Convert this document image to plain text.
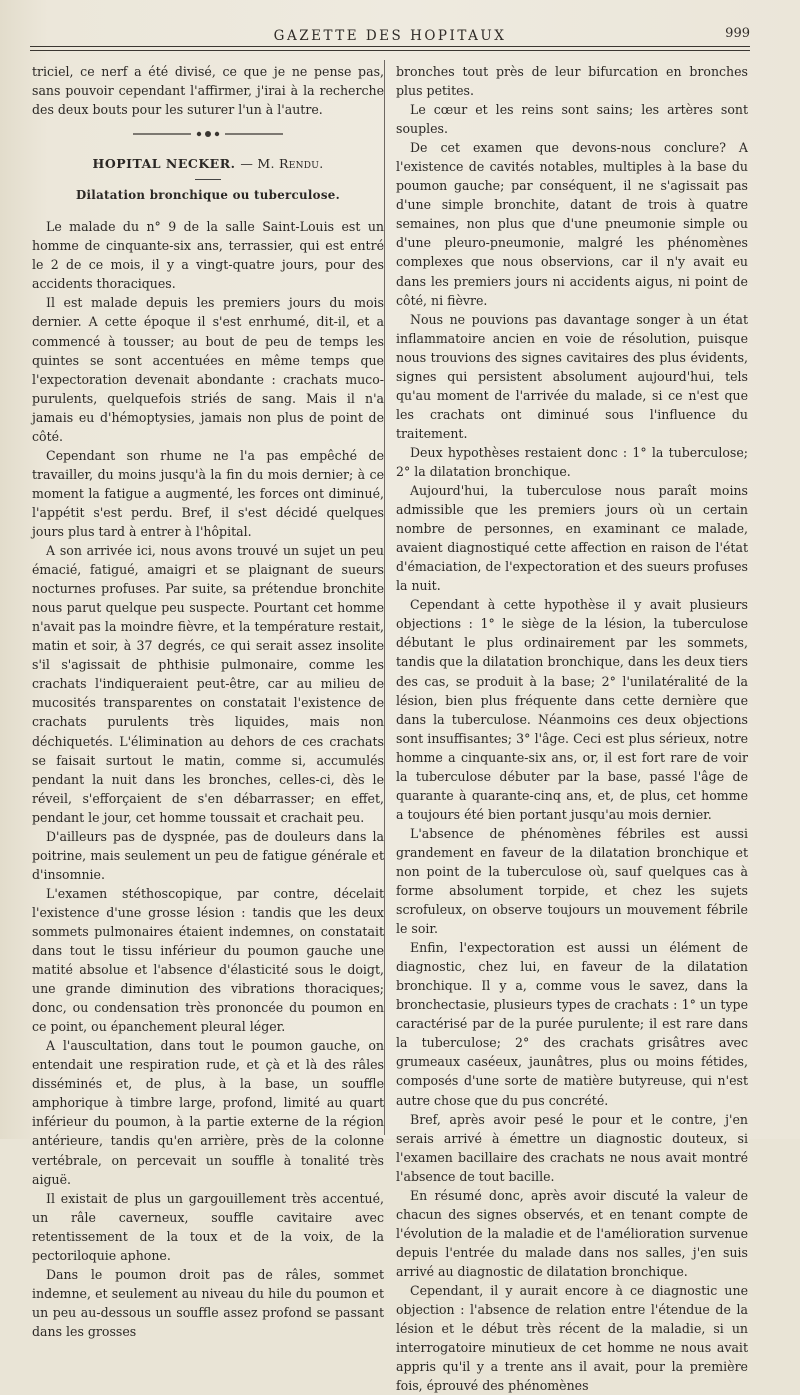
GAZETTE DES HOPITAUX	999

triciel, ce nerf a été divisé, ce que je ne pense pas, sans pouvoir cependant l'affirmer, j'irai à la recherche des deux bouts pour les suturer l'un à l'autre.

HOPITAL NECKER. — M. Rendu.
Dilatation bronchique ou tuberculose.

Le malade du n° 9 de la salle Saint-Louis est un homme de cinquante-six ans, terrassier, qui est entré le 2 de ce mois, il y a vingt-quatre jours, pour des accidents thoraciques.

Il est malade depuis les premiers jours du mois dernier. A cette époque il s'est enrhumé, dit-il, et a commencé à tousser; au bout de peu de temps les quintes se sont accentuées en même temps que l'expectoration devenait abondante : crachats muco-purulents, quelquefois striés de sang. Mais il n'a jamais eu d'hémoptysies, jamais non plus de point de côté.

Cependant son rhume ne l'a pas empêché de travailler, du moins jusqu'à la fin du mois dernier; à ce moment la fatigue a augmenté, les forces ont diminué, l'appétit s'est perdu. Bref, il s'est décidé quelques jours plus tard à entrer à l'hôpital.

A son arrivée ici, nous avons trouvé un sujet un peu émacié, fatigué, amaigri et se plaignant de sueurs nocturnes profuses. Par suite, sa prétendue bronchite nous parut quelque peu suspecte. Pourtant cet homme n'avait pas la moindre fièvre, et la température restait, matin et soir, à 37 degrés, ce qui serait assez insolite s'il s'agissait de phthisie pulmonaire, comme les crachats l'indiqueraient peut-être, car au milieu de mucosités transparentes on constatait l'existence de crachats purulents très liquides, mais non déchiquetés. L'élimination au dehors de ces crachats se faisait surtout le matin, comme si, accumulés pendant la nuit dans les bronches, celles-ci, dès le réveil, s'efforçaient de s'en débarrasser; en effet, pendant le jour, cet homme toussait et crachait peu.

D'ailleurs pas de dyspnée, pas de douleurs dans la poitrine, mais seulement un peu de fatigue générale et d'insomnie.

L'examen stéthoscopique, par contre, décelait l'existence d'une grosse lésion : tandis que les deux sommets pulmonaires étaient indemnes, on constatait dans tout le tissu inférieur du poumon gauche une matité absolue et l'absence d'élasticité sous le doigt, une grande diminution des vibrations thoraciques; donc, ou condensation très prononcée du poumon en ce point, ou épanchement pleural léger.

A l'auscultation, dans tout le poumon gauche, on entendait une respiration rude, et çà et là des râles disséminés et, de plus, à la base, un souffle amphorique à timbre large, profond, limité au quart inférieur du poumon, à la partie externe de la région antérieure, tandis qu'en arrière, près de la colonne vertébrale, on percevait un souffle à tonalité très aiguë.

Il existait de plus un gargouillement très accentué, un râle caverneux, souffle cavitaire avec retentissement de la toux et de la voix, de la pectoriloquie aphone.

Dans le poumon droit pas de râles, sommet indemne, et seulement au niveau du hile du poumon et un peu au-dessous un souffle assez profond se passant dans les grosses

bronches tout près de leur bifurcation en bronches plus petites.

Le cœur et les reins sont sains; les artères sont souples.

De cet examen que devons-nous conclure? A l'existence de cavités notables, multiples à la base du poumon gauche; par conséquent, il ne s'agissait pas d'une simple bronchite, datant de trois à quatre semaines, non plus que d'une pneumonie simple ou d'une pleuro-pneumonie, malgré les phénomènes complexes que nous observions, car il n'y avait eu dans les premiers jours ni accidents aigus, ni point de côté, ni fièvre.

Nous ne pouvions pas davantage songer à un état inflammatoire ancien en voie de résolution, puisque nous trouvions des signes cavitaires des plus évidents, signes qui persistent absolument aujourd'hui, tels qu'au moment de l'arrivée du malade, si ce n'est que les crachats ont diminué sous l'influence du traitement.

Deux hypothèses restaient donc : 1° la tuberculose; 2° la dilatation bronchique.

Aujourd'hui, la tuberculose nous paraît moins admissible que les premiers jours où un certain nombre de personnes, en examinant ce malade, avaient diagnostiqué cette affection en raison de l'état d'émaciation, de l'expectoration et des sueurs profuses la nuit.

Cependant à cette hypothèse il y avait plusieurs objections : 1° le siège de la lésion, la tuberculose débutant le plus ordinairement par les sommets, tandis que la dilatation bronchique, dans les deux tiers des cas, se produit à la base; 2° l'unilatéralité de la lésion, bien plus fréquente dans cette dernière que dans la tuberculose. Néanmoins ces deux objections sont insuffisantes; 3° l'âge. Ceci est plus sérieux, notre homme a cinquante-six ans, or, il est fort rare de voir la tuberculose débuter par la base, passé l'âge de quarante à quarante-cinq ans, et, de plus, cet homme a toujours été bien portant jusqu'au mois dernier.

L'absence de phénomènes fébriles est aussi grandement en faveur de la dilatation bronchique et non point de la tuberculose où, sauf quelques cas à forme absolument torpide, et chez les sujets scrofuleux, on observe toujours un mouvement fébrile le soir.

Enfin, l'expectoration est aussi un élément de diagnostic, chez lui, en faveur de la dilatation bronchique. Il y a, comme vous le savez, dans la bronchectasie, plusieurs types de crachats : 1° un type caractérisé par de la purée purulente; il est rare dans la tuberculose; 2° des crachats grisâtres avec grumeaux caséeux, jaunâtres, plus ou moins fétides, composés d'une sorte de matière butyreuse, qui n'est autre chose que du pus concrété.

Bref, après avoir pesé le pour et le contre, j'en serais arrivé à émettre un diagnostic douteux, si l'examen bacillaire des crachats ne nous avait montré l'absence de tout bacille.

En résumé donc, après avoir discuté la valeur de chacun des signes observés, et en tenant compte de l'évolution de la maladie et de l'amélioration survenue depuis l'entrée du malade dans nos salles, j'en suis arrivé au diagnostic de dilatation bronchique.

Cependant, il y aurait encore à ce diagnostic une objection : l'absence de relation entre l'étendue de la lésion et le début très récent de la maladie, si un interrogatoire minutieux de cet homme ne nous avait appris qu'il y a trente ans il avait, pour la première fois, éprouvé des phénomènes
